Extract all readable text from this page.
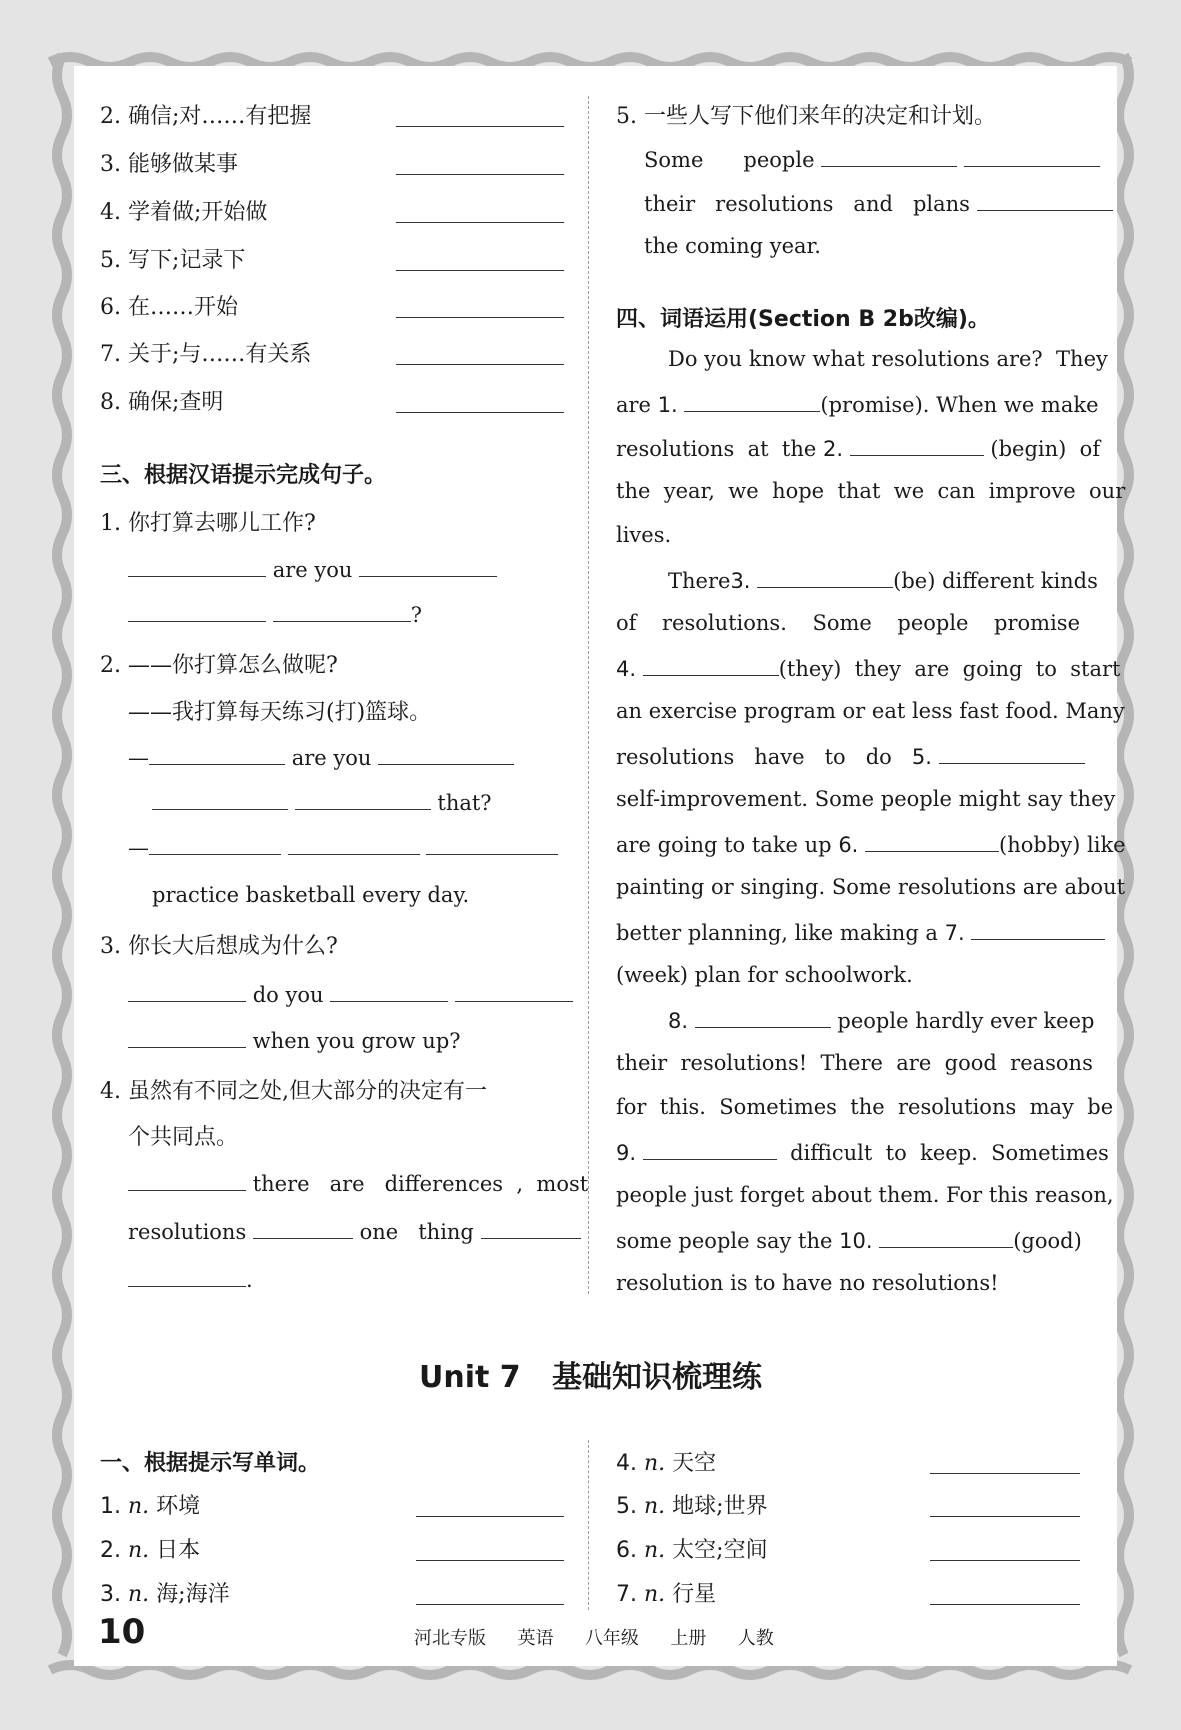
2. 确信;对……有把握
3. 能够做某事
4. 学着做;开始做
5. 写下;记录下
6. 在……开始
7. 关于;与……有关系
8. 确保;查明
三、根据汉语提示完成句子。
1. 你打算去哪儿工作?
are you
?
2. ——你打算怎么做呢?
——我打算每天练习(打)篮球。
—	are you
that?
—
practice basketball every day.
3. 你长大后想成为什么?
do you
when you grow up?
4. 虽然有不同之处,但大部分的决定有一
个共同点。
there   are   differences  ,  most
resolutions	one   thing
.
5. 一些人写下他们来年的决定和计划。
Some      people
their   resolutions   and   plans
the coming year.
四、词语运用(Section B 2b改编)。
Do you know what resolutions are?  They
are 1.	(promise). When we make
resolutions  at  the 2.	(begin)  of
the  year,  we  hope  that  we  can  improve  our
lives.
There3.	(be) different kinds
of   resolutions.   Some   people   promise
4.	(they)  they  are  going  to  start
an exercise program or eat less fast food. Many
resolutions   have   to   do 5.
self-improvement. Some people might say they
are going to take up 6.	(hobby) like
painting or singing. Some resolutions are about
better planning, like making a 7.
(week) plan for schoolwork.
8.	people hardly ever keep
their  resolutions!  There  are  good  reasons
for  this.  Sometimes  the  resolutions  may  be
9.	difficult  to  keep.  Sometimes
people just forget about them. For this reason,
some people say the 10.	(good)
resolution is to have no resolutions!
Unit 7   基础知识梳理练
一、根据提示写单词。
1. n. 环境
2. n. 日本
3. n. 海;海洋
4. n. 天空
5. n. 地球;世界
6. n. 太空;空间
7. n. 行星
10	河北专版  英语  八年级  上册  人教
